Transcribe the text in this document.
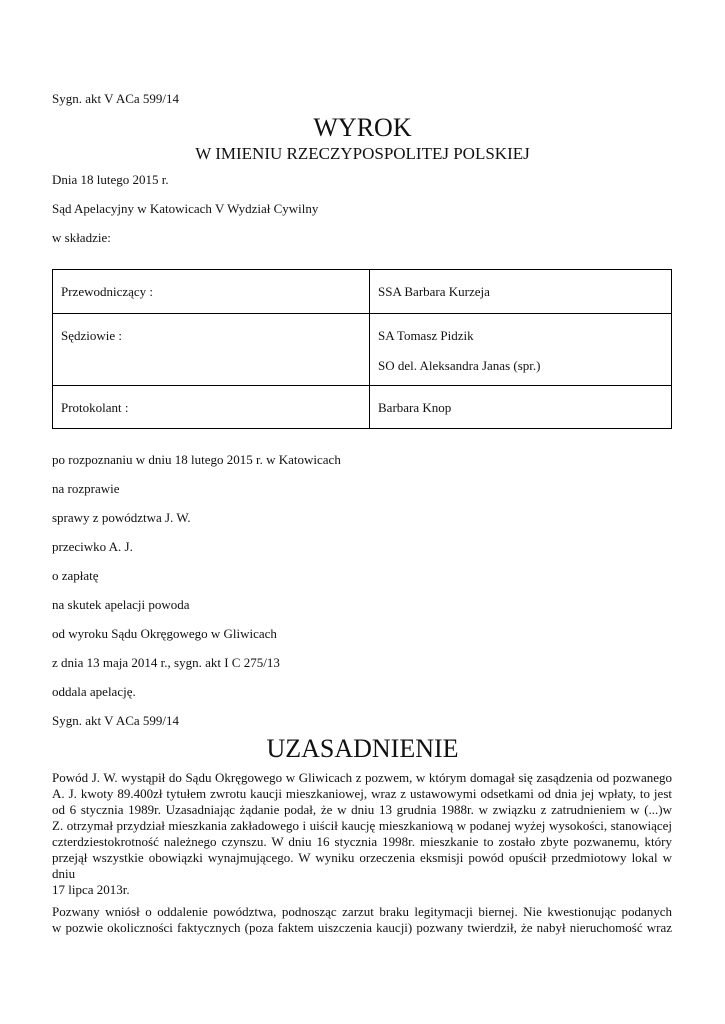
Sygn. akt V ACa 599/14
WYROK
W IMIENIU RZECZYPOSPOLITEJ POLSKIEJ
Dnia 18 lutego 2015 r.
Sąd Apelacyjny w Katowicach V Wydział Cywilny
w składzie:
Przewodniczący :	SSA Barbara Kurzeja

Sędziowie :	SA Tomasz Pidzik
SO del. Aleksandra Janas (spr.)

Protokolant :	Barbara Knop
po rozpoznaniu w dniu 18 lutego 2015 r. w Katowicach
na rozprawie
sprawy z powództwa J. W.
przeciwko A. J.
o zapłatę
na skutek apelacji powoda
od wyroku Sądu Okręgowego w Gliwicach
z dnia 13 maja 2014 r., sygn. akt I C 275/13
oddala apelację.
Sygn. akt V ACa 599/14
UZASADNIENIE
Powód J. W. wystąpił do Sądu Okręgowego w Gliwicach z pozwem, w którym domagał się zasądzenia od pozwanego
A. J. kwoty 89.400zł tytułem zwrotu kaucji mieszkaniowej, wraz z ustawowymi odsetkami od dnia jej wpłaty, to jest
od 6 stycznia 1989r. Uzasadniając żądanie podał, że w dniu 13 grudnia 1988r. w związku z zatrudnieniem w (...)w
Z. otrzymał przydział mieszkania zakładowego i uiścił kaucję mieszkaniową w podanej wyżej wysokości, stanowiącej
czterdziestokrotność należnego czynszu. W dniu 16 stycznia 1998r. mieszkanie to zostało zbyte pozwanemu, który
przejął wszystkie obowiązki wynajmującego. W wyniku orzeczenia eksmisji powód opuścił przedmiotowy lokal w dniu
17 lipca 2013r.
Pozwany wniósł o oddalenie powództwa, podnosząc zarzut braku legitymacji biernej. Nie kwestionując podanych
w pozwie okoliczności faktycznych (poza faktem uiszczenia kaucji) pozwany twierdził, że nabył nieruchomość wraz
